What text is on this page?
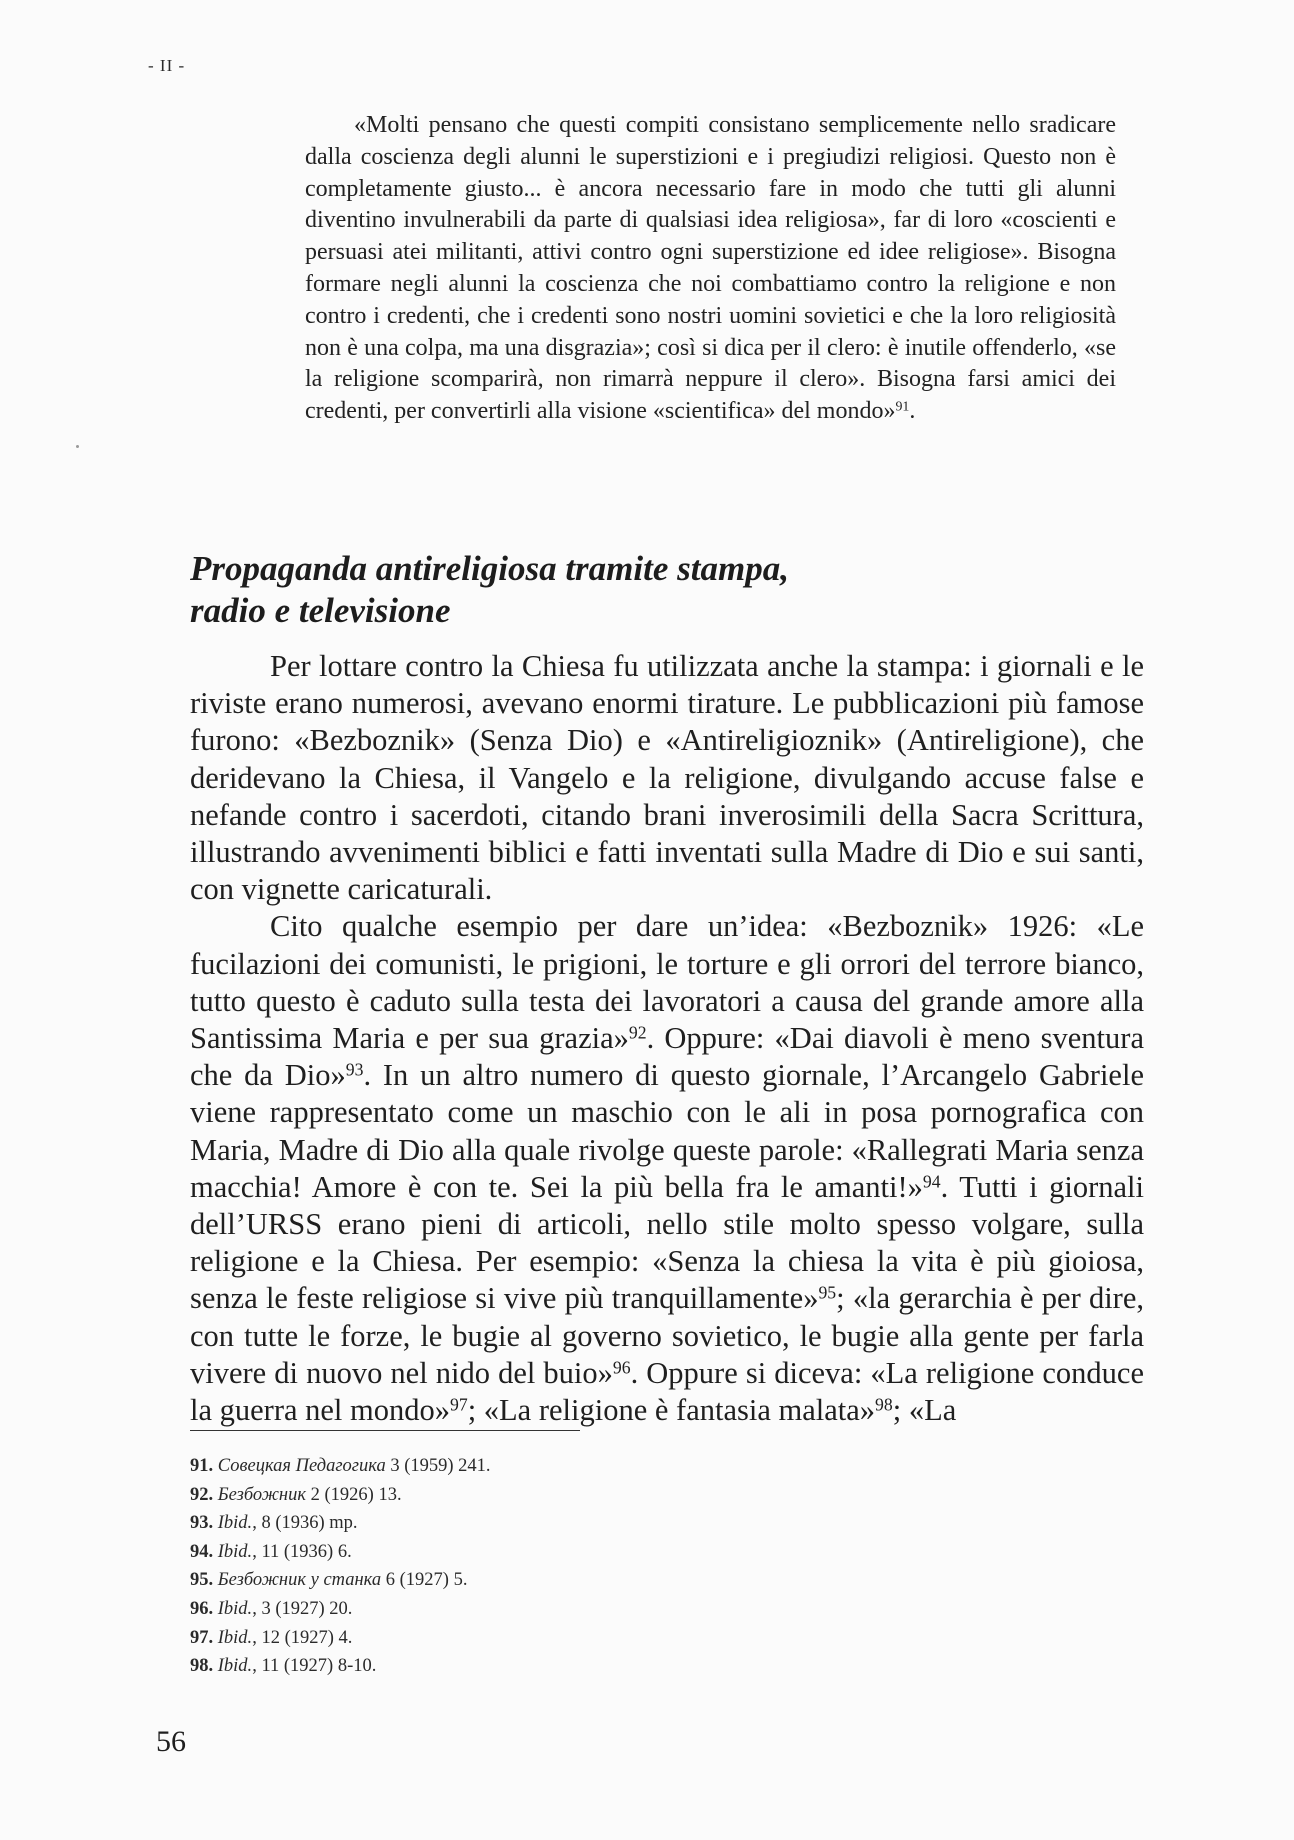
- II -

«Molti pensano che questi compiti consistano semplicemente nello sradicare dalla coscienza degli alunni le superstizioni e i pregiudizi religiosi. Questo non è completamente giusto... è ancora necessario fare in modo che tutti gli alunni diventino invulnerabili da parte di qualsiasi idea religiosa», far di loro «coscienti e persuasi atei militanti, attivi contro ogni superstizione ed idee religiose». Bisogna formare negli alunni la coscienza che noi combattiamo contro la religione e non contro i credenti, che i credenti sono nostri uomini sovietici e che la loro religiosità non è una colpa, ma una disgrazia»; così si dica per il clero: è inutile offenderlo, «se la religione scomparirà, non rimarrà neppure il clero». Bisogna farsi amici dei credenti, per convertirli alla visione «scientifica» del mondo»$^{91}$.

Propaganda antireligiosa tramite stampa,
radio e televisione

Per lottare contro la Chiesa fu utilizzata anche la stampa: i giornali e le riviste erano numerosi, avevano enormi tirature. Le pubblicazioni più famose furono: «Bezboznik» (Senza Dio) e «Antireligioznik» (Antireligione), che deridevano la Chiesa, il Vangelo e la religione, divulgando accuse false e nefande contro i sacerdoti, citando brani inverosimili della Sacra Scrittura, illustrando avvenimenti biblici e fatti inventati sulla Madre di Dio e sui santi, con vignette caricaturali.

Cito qualche esempio per dare un’idea: «Bezboznik» 1926: «Le fucilazioni dei comunisti, le prigioni, le torture e gli orrori del terrore bianco, tutto questo è caduto sulla testa dei lavoratori a causa del grande amore alla Santissima Maria e per sua grazia»$^{92}$. Oppure: «Dai diavoli è meno sventura che da Dio»$^{93}$. In un altro numero di questo giornale, l’Arcangelo Gabriele viene rappresentato come un maschio con le ali in posa pornografica con Maria, Madre di Dio alla quale rivolge queste parole: «Rallegrati Maria senza macchia! Amore è con te. Sei la più bella fra le amanti!»$^{94}$. Tutti i giornali dell’URSS erano pieni di articoli, nello stile molto spesso volgare, sulla religione e la Chiesa. Per esempio: «Senza la chiesa la vita è più gioiosa, senza le feste religiose si vive più tranquillamente»$^{95}$; «la gerarchia è per dire, con tutte le forze, le bugie al governo sovietico, le bugie alla gente per farla vivere di nuovo nel nido del buio»$^{96}$. Oppure si diceva: «La religione conduce la guerra nel mondo»$^{97}$; «La religione è fantasia malata»$^{98}$; «La

91. Совецкая Педагогика 3 (1959) 241.
92. Безбожник 2 (1926) 13.
93. Ibid., 8 (1936) mp.
94. Ibid., 11 (1936) 6.
95. Безбожник у станка 6 (1927) 5.
96. Ibid., 3 (1927) 20.
97. Ibid., 12 (1927) 4.
98. Ibid., 11 (1927) 8-10.
56
